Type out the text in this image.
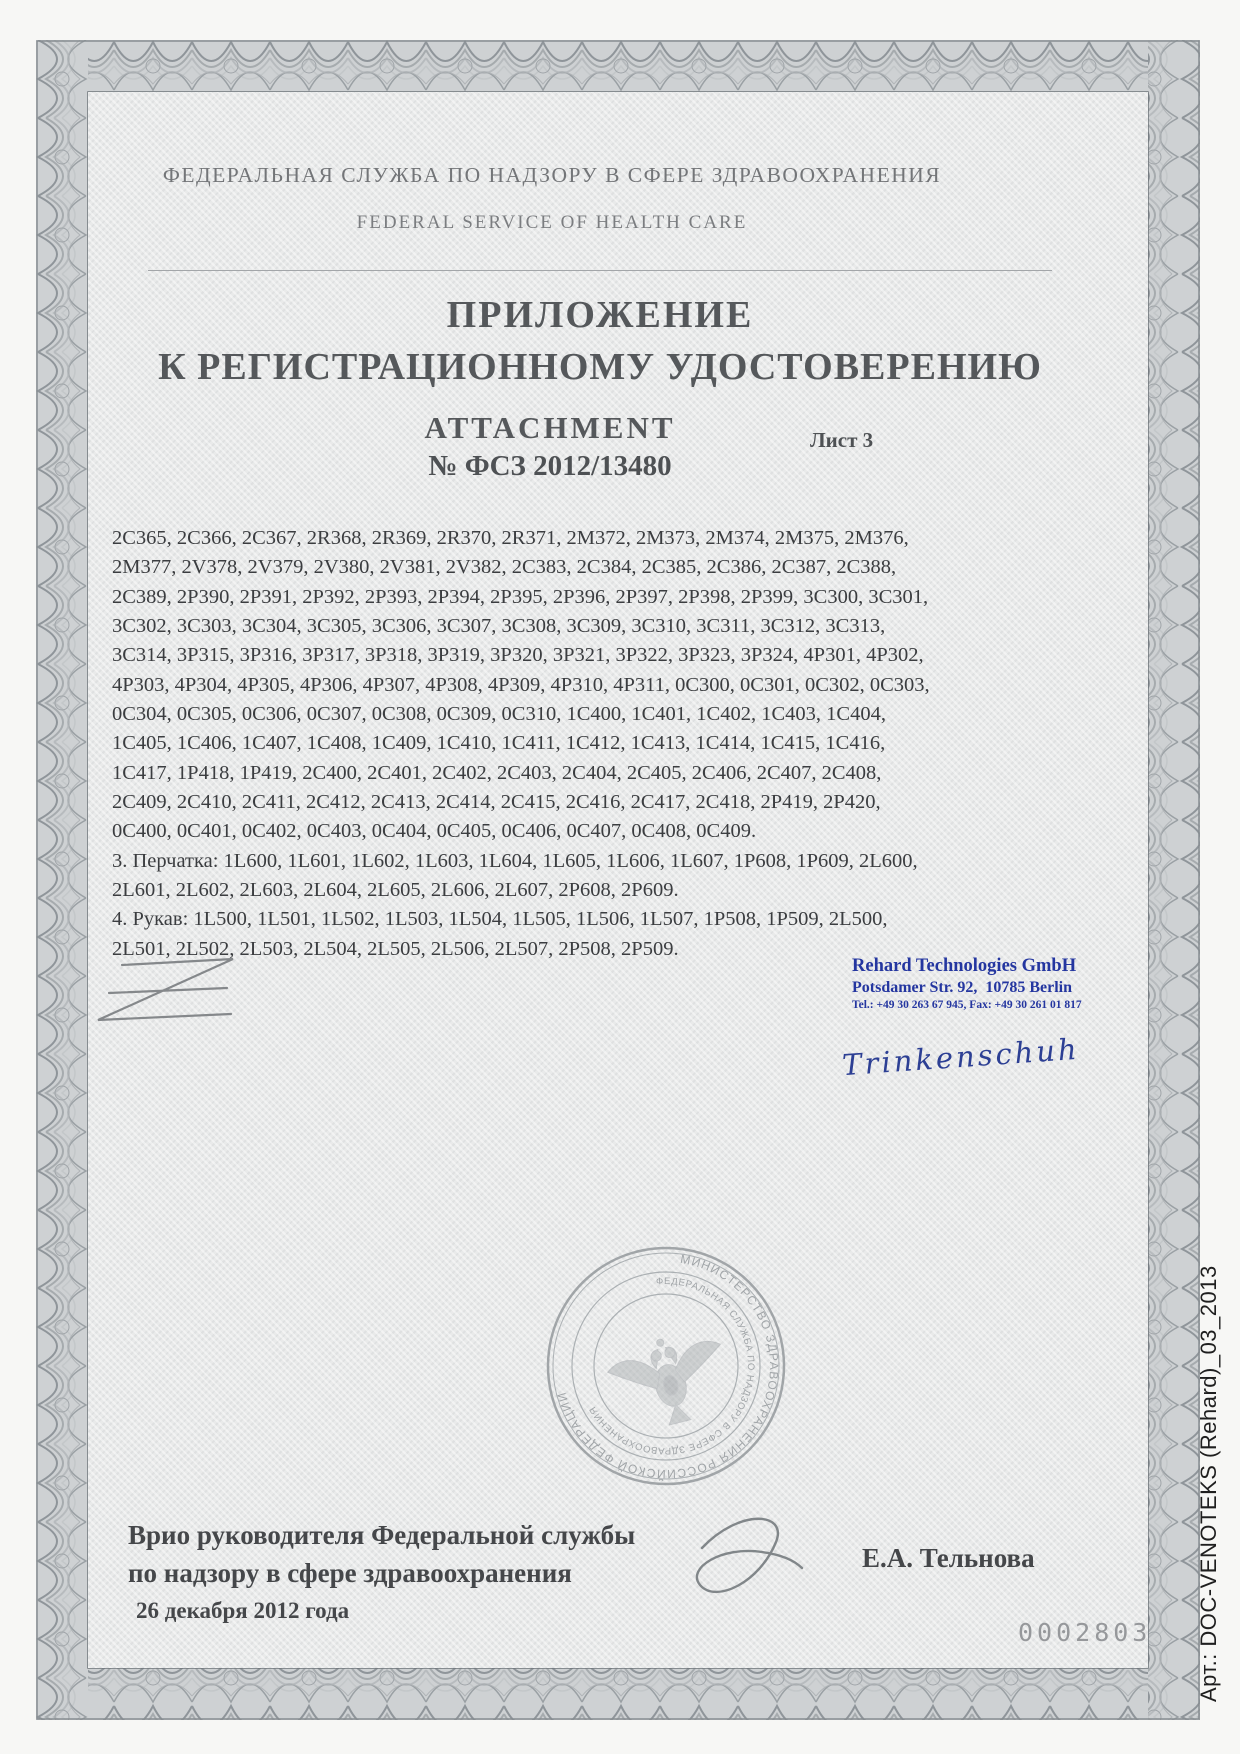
ФЕДЕРАЛЬНАЯ СЛУЖБА ПО НАДЗОРУ В СФЕРЕ ЗДРАВООХРАНЕНИЯ
FEDERAL SERVICE OF HEALTH CARE
ПРИЛОЖЕНИЕ
К РЕГИСТРАЦИОННОМУ УДОСТОВЕРЕНИЮ
ATTACHMENT
№ ФСЗ 2012/13480
Лист 3
2C365, 2C366, 2C367, 2R368, 2R369, 2R370, 2R371, 2M372, 2M373, 2M374, 2M375, 2M376,
2M377, 2V378, 2V379, 2V380, 2V381, 2V382, 2C383, 2C384, 2C385, 2C386, 2C387, 2C388,
2C389, 2P390, 2P391, 2P392, 2P393, 2P394, 2P395, 2P396, 2P397, 2P398, 2P399, 3C300, 3C301,
3C302, 3C303, 3C304, 3C305, 3C306, 3C307, 3C308, 3C309, 3C310, 3C311, 3C312, 3C313,
3C314, 3P315, 3P316, 3P317, 3P318, 3P319, 3P320, 3P321, 3P322, 3P323, 3P324, 4P301, 4P302,
4P303, 4P304, 4P305, 4P306, 4P307, 4P308, 4P309, 4P310, 4P311, 0C300, 0C301, 0C302, 0C303,
0C304, 0C305, 0C306, 0C307, 0C308, 0C309, 0C310, 1C400, 1C401, 1C402, 1C403, 1C404,
1C405, 1C406, 1C407, 1C408, 1C409, 1C410, 1C411, 1C412, 1C413, 1C414, 1C415, 1C416,
1C417, 1P418, 1P419, 2C400, 2C401, 2C402, 2C403, 2C404, 2C405, 2C406, 2C407, 2C408,
2C409, 2C410, 2C411, 2C412, 2C413, 2C414, 2C415, 2C416, 2C417, 2C418, 2P419, 2P420,
0C400, 0C401, 0C402, 0C403, 0C404, 0C405, 0C406, 0C407, 0C408, 0C409.
3. Перчатка: 1L600, 1L601, 1L602, 1L603, 1L604, 1L605, 1L606, 1L607, 1P608, 1P609, 2L600,
2L601, 2L602, 2L603, 2L604, 2L605, 2L606, 2L607, 2P608, 2P609.
4. Рукав: 1L500, 1L501, 1L502, 1L503, 1L504, 1L505, 1L506, 1L507, 1P508, 1P509, 2L500,
2L501, 2L502, 2L503, 2L504, 2L505, 2L506, 2L507, 2P508, 2P509.
Rehard Technologies GmbH
Potsdamer Str. 92, 10785 Berlin
Tel.: +49 30 263 67 945, Fax: +49 30 261 01 817
Trinkenschuh
МИНИСТЕРСТВО ЗДРАВООХРАНЕНИЯ РОССИЙСКОЙ ФЕДЕРАЦИИ
ФЕДЕРАЛЬНАЯ СЛУЖБА ПО НАДЗОРУ В СФЕРЕ ЗДРАВООХРАНЕНИЯ
Врио руководителя Федеральной службы
по надзору в сфере здравоохранения
26 декабря 2012 года
Е.А. Тельнова
0002803 Арт.: DOC-VENOTEKS (Rehard)_03_2013
